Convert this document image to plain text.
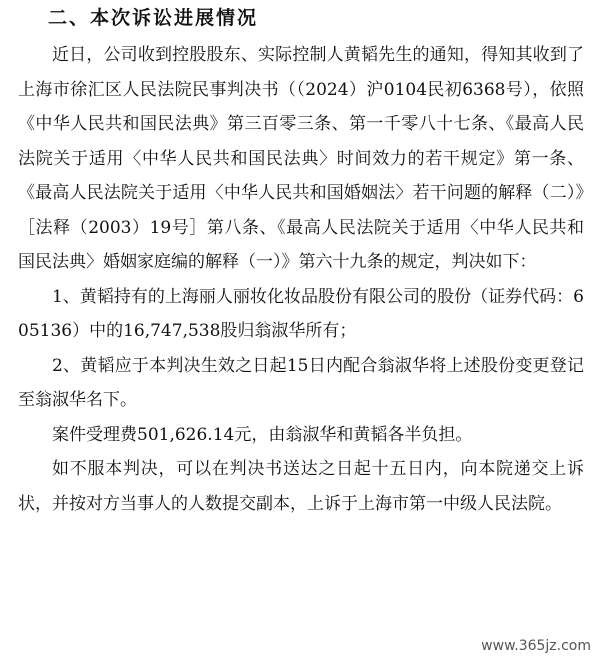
二、本次诉讼进展情况

近日，公司收到控股股东、实际控制人黄韬先生的通知，得知其收到了上海市徐汇区人民法院民事判决书（（2024）沪0104民初6368号），依照《中华人民共和国民法典》第三百零三条、第一千零八十七条、《最高人民法院关于适用〈中华人民共和国民法典〉时间效力的若干规定》第一条、《最高人民法院关于适用〈中华人民共和国婚姻法〉若干问题的解释（二）》［法释（2003）19号］第八条、《最高人民法院关于适用〈中华人民共和国民法典〉婚姻家庭编的解释（一）》第六十九条的规定，判决如下：

1、黄韬持有的上海丽人丽妆化妆品股份有限公司的股份（证券代码：605136）中的16,747,538股归翁淑华所有；

2、黄韬应于本判决生效之日起15日内配合翁淑华将上述股份变更登记至翁淑华名下。

案件受理费501,626.14元，由翁淑华和黄韬各半负担。

如不服本判决，可以在判决书送达之日起十五日内，向本院递交上诉状，并按对方当事人的人数提交副本，上诉于上海市第一中级人民法院。

www.365jz.com
